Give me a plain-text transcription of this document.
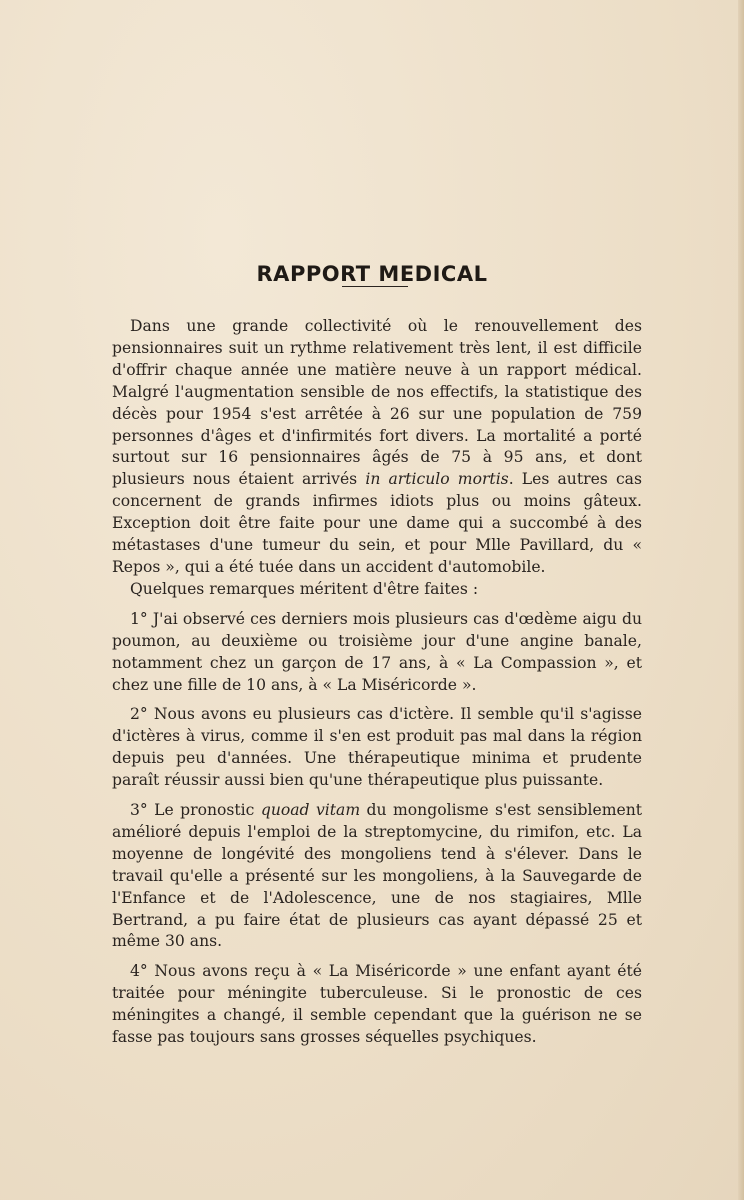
RAPPORT MEDICAL

Dans une grande collectivité où le renouvellement des pensionnaires suit un rythme relativement très lent, il est difficile d'offrir chaque année une matière neuve à un rapport médical. Malgré l'augmentation sensible de nos effectifs, la statistique des décès pour 1954 s'est arrêtée à 26 sur une population de 759 personnes d'âges et d'infirmités fort divers. La mortalité a porté surtout sur 16 pensionnaires âgés de 75 à 95 ans, et dont plusieurs nous étaient arrivés in articulo mortis. Les autres cas concernent de grands infirmes idiots plus ou moins gâteux. Exception doit être faite pour une dame qui a succombé à des métastases d'une tumeur du sein, et pour Mlle Pavillard, du « Repos », qui a été tuée dans un accident d'automobile.

Quelques remarques méritent d'être faites :

1° J'ai observé ces derniers mois plusieurs cas d'œdème aigu du poumon, au deuxième ou troisième jour d'une angine banale, notamment chez un garçon de 17 ans, à « La Compassion », et chez une fille de 10 ans, à « La Miséricorde ».

2° Nous avons eu plusieurs cas d'ictère. Il semble qu'il s'agisse d'ictères à virus, comme il s'en est produit pas mal dans la région depuis peu d'années. Une thérapeutique minima et prudente paraît réussir aussi bien qu'une thérapeutique plus puissante.

3° Le pronostic quoad vitam du mongolisme s'est sensiblement amélioré depuis l'emploi de la streptomycine, du rimifon, etc. La moyenne de longévité des mongoliens tend à s'élever. Dans le travail qu'elle a présenté sur les mongoliens, à la Sauvegarde de l'Enfance et de l'Adolescence, une de nos stagiaires, Mlle Bertrand, a pu faire état de plusieurs cas ayant dépassé 25 et même 30 ans.

4° Nous avons reçu à « La Miséricorde » une enfant ayant été traitée pour méningite tuberculeuse. Si le pronostic de ces méningites a changé, il semble cependant que la guérison ne se fasse pas toujours sans grosses séquelles psychiques.
